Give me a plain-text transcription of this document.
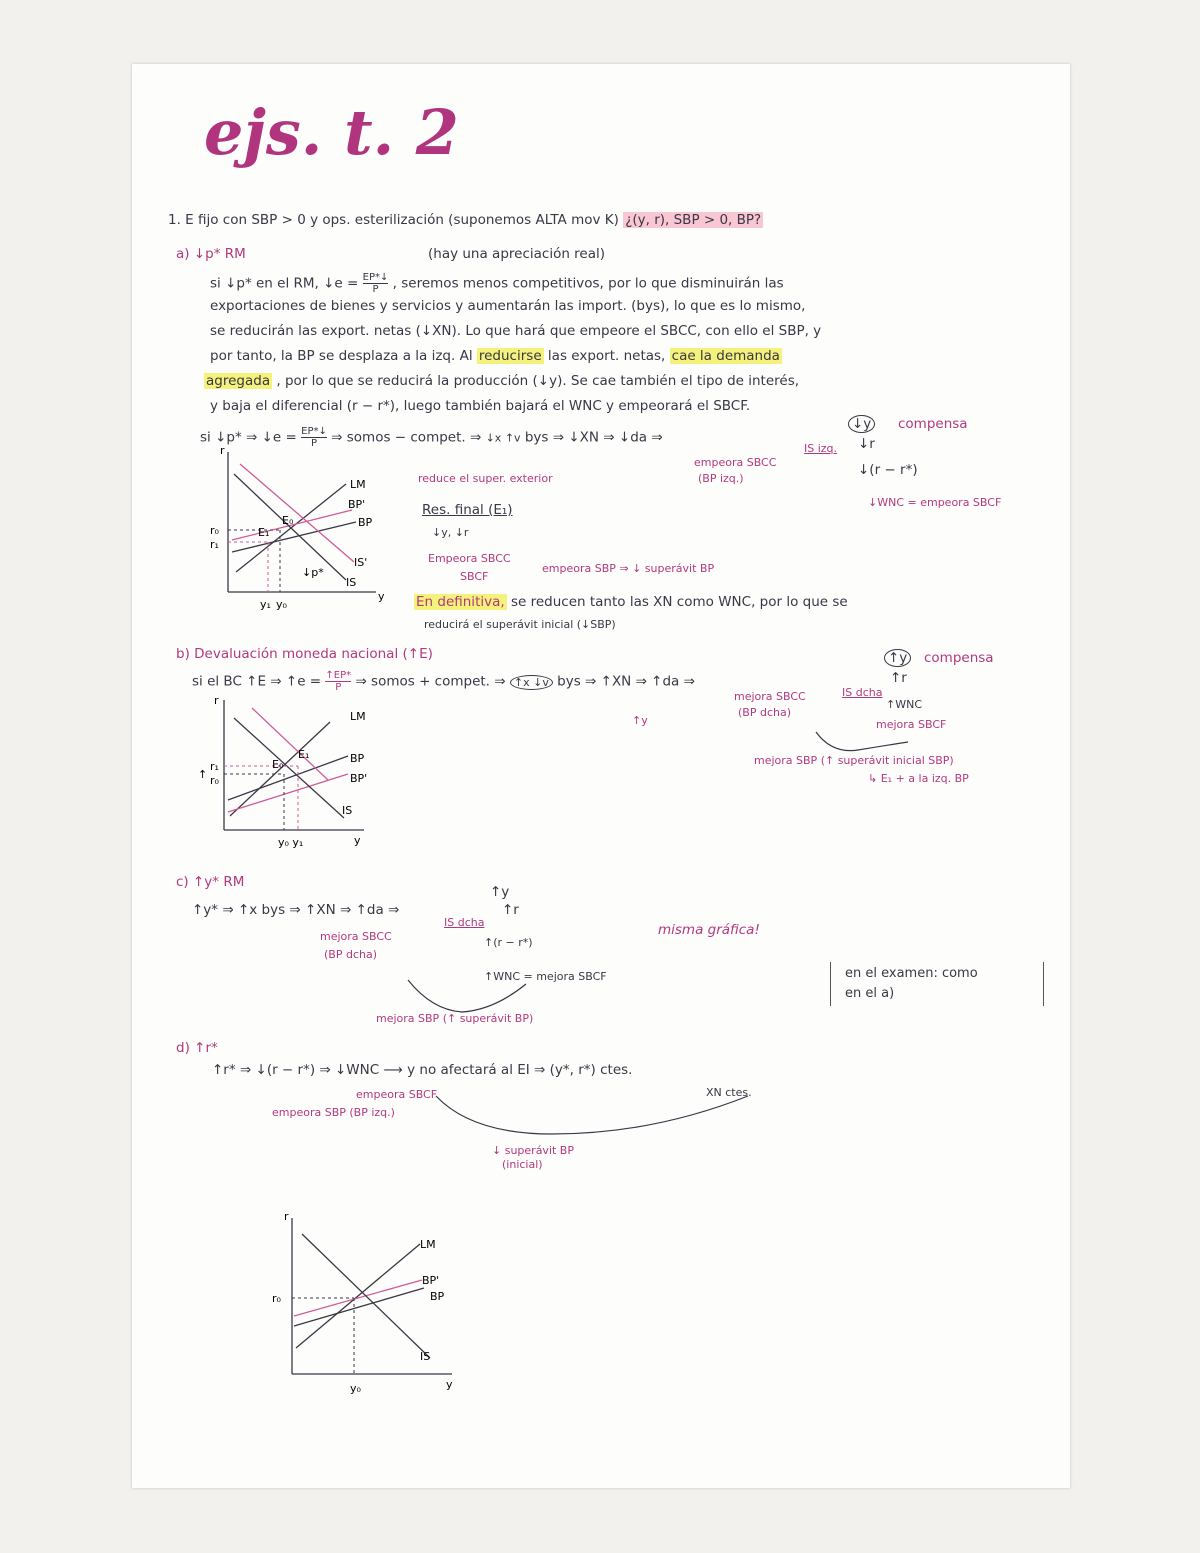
ejs. t. 2
1. E fijo con SBP > 0 y ops. esterilización (suponemos ALTA mov K) ¿(y, r), SBP > 0, BP?
a) ↓p* RM	(hay una apreciación real)
si ↓p* en el RM, ↓e = $\frac{EP*↓}{P}$ , seremos menos competitivos, por lo que disminuirán las
exportaciones de bienes y servicios y aumentarán las import. (bys), lo que es lo mismo,
se reducirán las export. netas (↓XN). Lo que hará que empeore el SBCC, con ello el SBP, y
por tanto, la BP se desplaza a la izq. Al reducirse las export. netas, cae la demanda
agregada , por lo que se reducirá la producción (↓y). Se cae también el tipo de interés,
y baja el diferencial (r − r*), luego también bajará el WNC y empeorará el SBCF.
si ↓p* ⇒ ↓e = $\frac{EP*↓}{P}$ ⇒ somos − compet. ⇒ ↓x ↑v bys ⇒ ↓XN ⇒ ↓da ⇒
↓y compensa
↓r
↓(r − r*)
IS izq.
empeora SBCC
(BP izq.)
↓WNC = empeora SBCF
r
y
LM
BP
BP'
IS
IS'
r₀
r₁
E₀
E₁
y₁ y₀
↓p*
reduce el super. exterior
Res. final (E₁)
↓y, ↓r
Empeora SBCC
SBCF
empeora SBP ⇒ ↓ superávit BP
En definitiva, se reducen tanto las XN como WNC, por lo que se
reducirá el superávit inicial (↓SBP)
b) Devaluación moneda nacional (↑E)
si el BC ↑E ⇒ ↑e = $\frac{↑EP*}{P}$ ⇒ somos + compet. ⇒ ↑x ↓v bys ⇒ ↑XN ⇒ ↑da ⇒
↑y compensa
↑r
mejora SBCC
(BP dcha)
IS dcha
↑WNC
mejora SBCF
↑y
mejora SBP (↑ superávit inicial SBP)
↳ E₁ + a la izq. BP
r
y
LM
BP
BP'
IS
↑
r₁
r₀
E₀
E₁
y₀ y₁
c) ↑y* RM
↑y* ⇒ ↑x bys ⇒ ↑XN ⇒ ↑da ⇒
↑y
↑r
IS dcha
mejora SBCC
(BP dcha)
↑(r − r*)
↑WNC = mejora SBCF
mejora SBP (↑ superávit BP)
misma gráfica!
en el examen: como
en el a)
d) ↑r*
↑r* ⇒ ↓(r − r*) ⇒ ↓WNC ⟶ y no afectará al EI ⇒ (y*, r*) ctes.
empeora SBCF
empeora SBP (BP izq.)
XN ctes.
↓ superávit BP
(inicial)
r
y
LM
BP
BP'
IS
r₀
y₀
